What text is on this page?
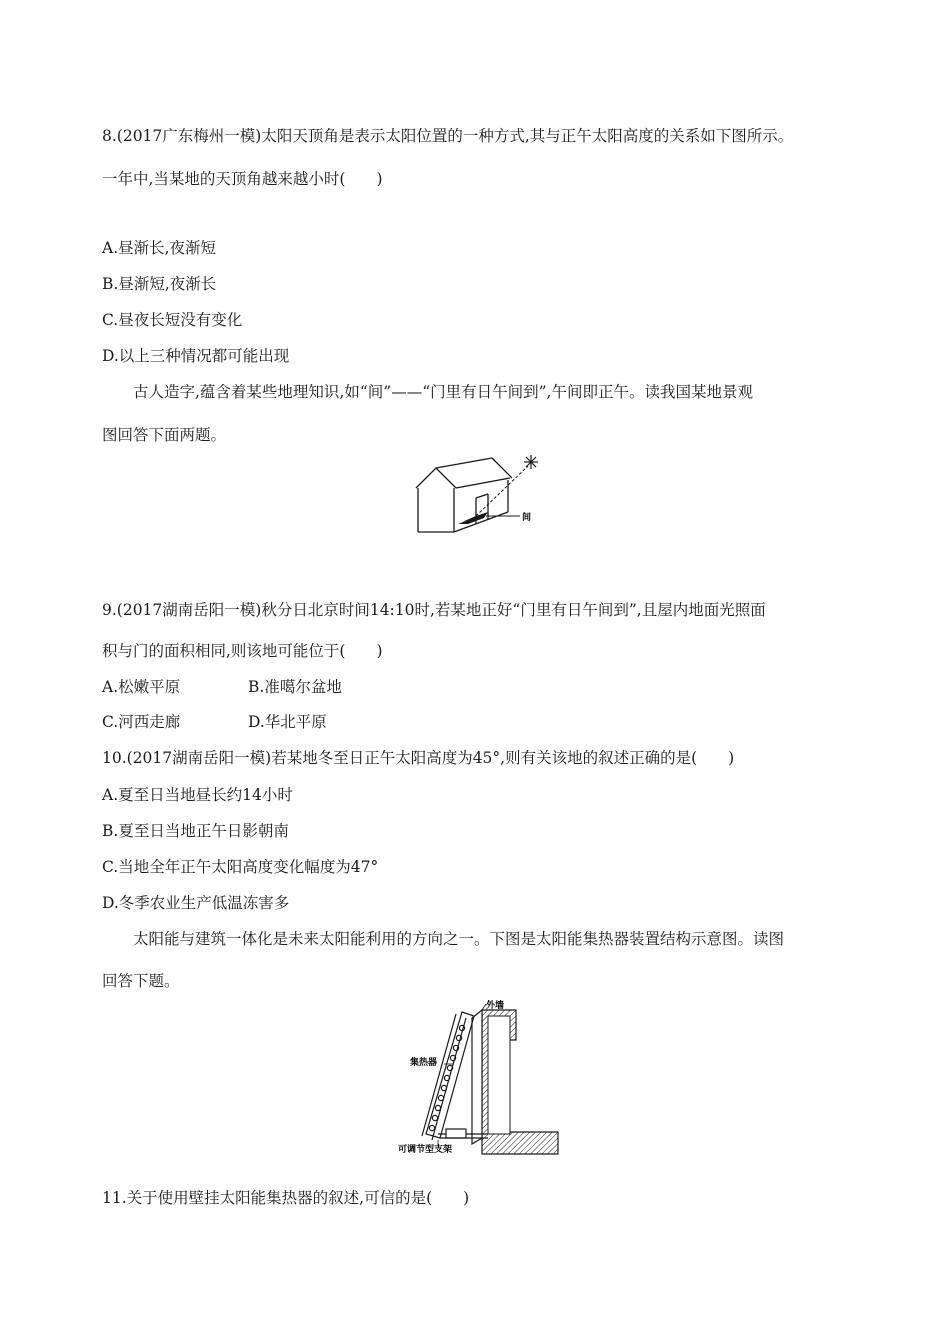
8.(2017广东梅州一模)太阳天顶角是表示太阳位置的一种方式,其与正午太阳高度的关系如下图所示。

一年中,当某地的天顶角越来越小时(　　)

A.昼渐长,夜渐短

B.昼渐短,夜渐长

C.昼夜长短没有变化

D.以上三种情况都可能出现

古人造字,蕴含着某些地理知识,如“间”——“门里有日午间到”,午间即正午。读我国某地景观

图回答下面两题。

间

9.(2017湖南岳阳一模)秋分日北京时间14:10时,若某地正好“门里有日午间到”,且屋内地面光照面

积与门的面积相同,则该地可能位于(　　)

A.松嫩平原	B.准噶尔盆地

C.河西走廊	D.华北平原

10.(2017湖南岳阳一模)若某地冬至日正午太阳高度为45°,则有关该地的叙述正确的是(　　)

A.夏至日当地昼长约14小时

B.夏至日当地正午日影朝南

C.当地全年正午太阳高度变化幅度为47°

D.冬季农业生产低温冻害多

太阳能与建筑一体化是未来太阳能利用的方向之一。下图是太阳能集热器装置结构示意图。读图

回答下题。

外墙
集热器
可调节型支架

11.关于使用壁挂太阳能集热器的叙述,可信的是(　　)
